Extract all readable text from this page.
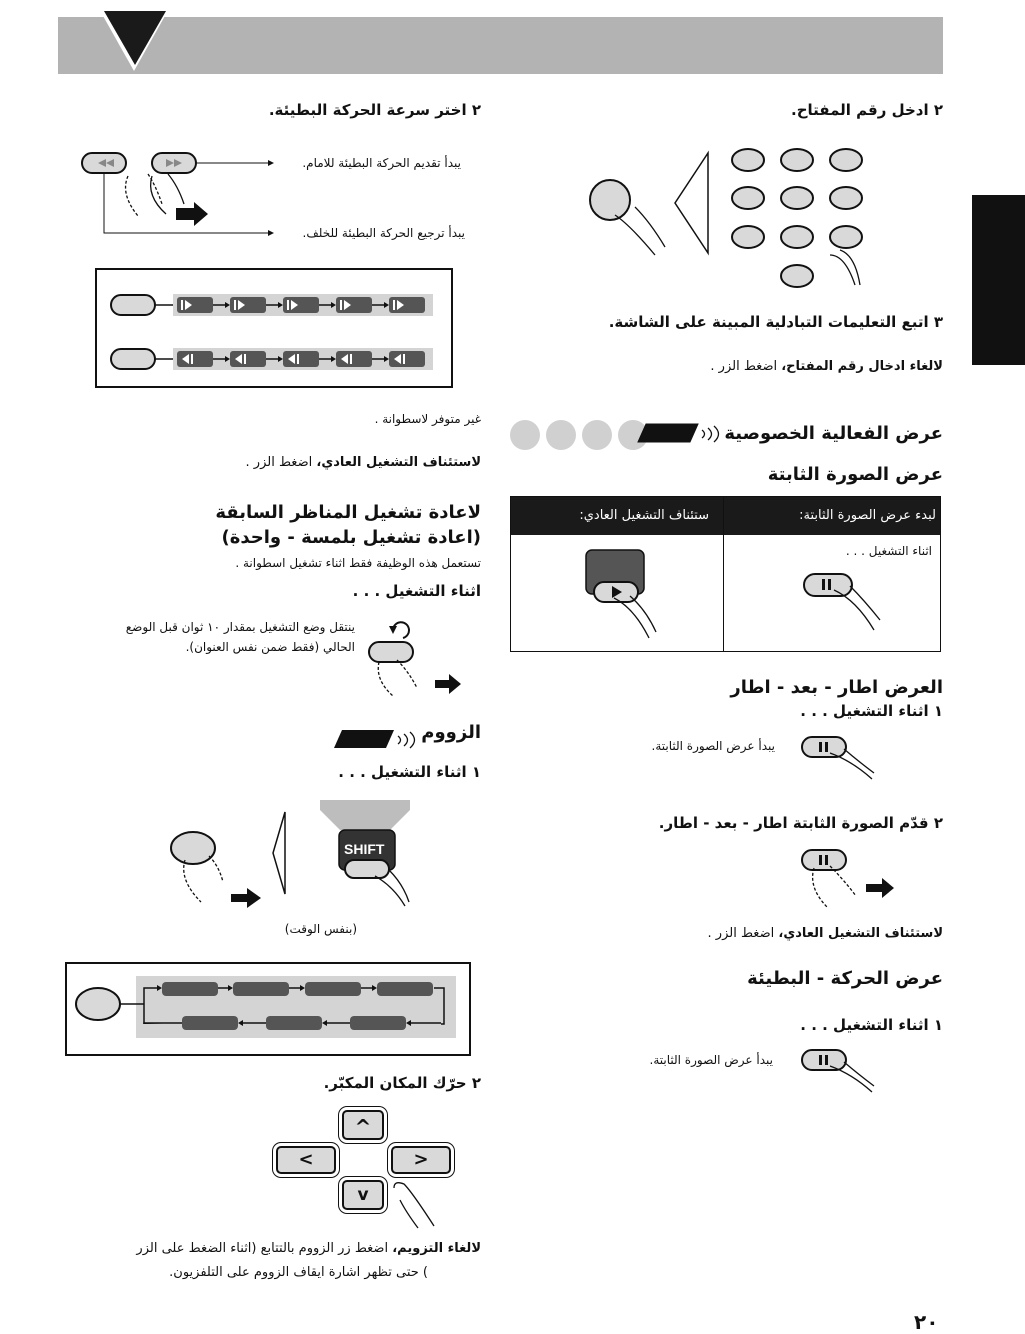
٢ ادخل رقم المفتاح.
٣ اتبع التعليمات التبادلية المبينة على الشاشة.
لالغاء ادخال رقم المفتاح، اضغط الزر .
عرض الفعالية الخصوصية
عرض الصورة الثابتة
ستئناف التشغيل العادي:	لبدء عرض الصورة الثابتة:
اثناء التشغيل . . .
العرض اطار - بعد - اطار
١ اثناء التشغيل . . .
يبدأ عرض الصورة الثابتة.
٢ قدّم الصورة الثابتة اطار - بعد - اطار.
لاستئناف التشغيل العادي، اضغط الزر .
عرض الحركة - البطيئة
١ اثناء التشغيل . . .
يبدأ عرض الصورة الثابتة.
٢ اختر سرعة الحركة البطيئة.
يبدأ تقديم الحركة البطيئة للامام.
يبدأ ترجيع الحركة البطيئة للخلف.
غير متوفر لاسطوانة .
لاستئناف التشغيل العادي، اضغط الزر .
لاعادة تشغيل المناظر السابقة
(اعادة تشغيل بلمسة - واحدة)
تستعمل هذه الوظيفة فقط اثناء تشغيل اسطوانة .
اثناء التشغيل . . .
ينتقل وضع التشغيل بمقدار ١٠ ثوان قبل الوضع
الحالي (فقط ضمن نفس العنوان).
الزووم
١ اثناء التشغيل . . .
SHIFT
(بنفس الوقت)
٢ حرّك المكان المكبّر.
^
<	>
v
لالغاء التزويم، اضغط زر الزووم بالتتابع (اثناء الضغط على الزر
) حتى تظهر اشارة ايقاف الزووم على التلفزيون.
٢٠
